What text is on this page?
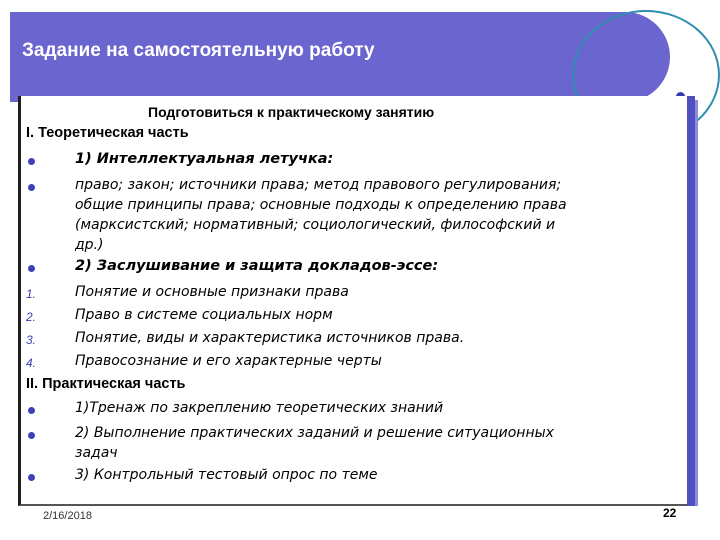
Задание на самостоятельную работу
Подготовиться к практическому занятию
I. Теоретическая часть
1) Интеллектуальная летучка:
право; закон; источники права; метод правового регулирования;
общие принципы права; основные подходы к определению права
(марксистский; нормативный; социологический, философский и
др.)
2) Заслушивание и защита докладов-эссе:
1.	Понятие и основные признаки права
2.	Право в системе социальных норм
3.	Понятие, виды и характеристика источников права.
4.	Правосознание и его характерные черты
II. Практическая часть
1)Тренаж по закреплению теоретических знаний
2) Выполнение практических заданий и решение ситуационных
задач
3) Контрольный тестовый опрос по теме
2/16/2018	22
